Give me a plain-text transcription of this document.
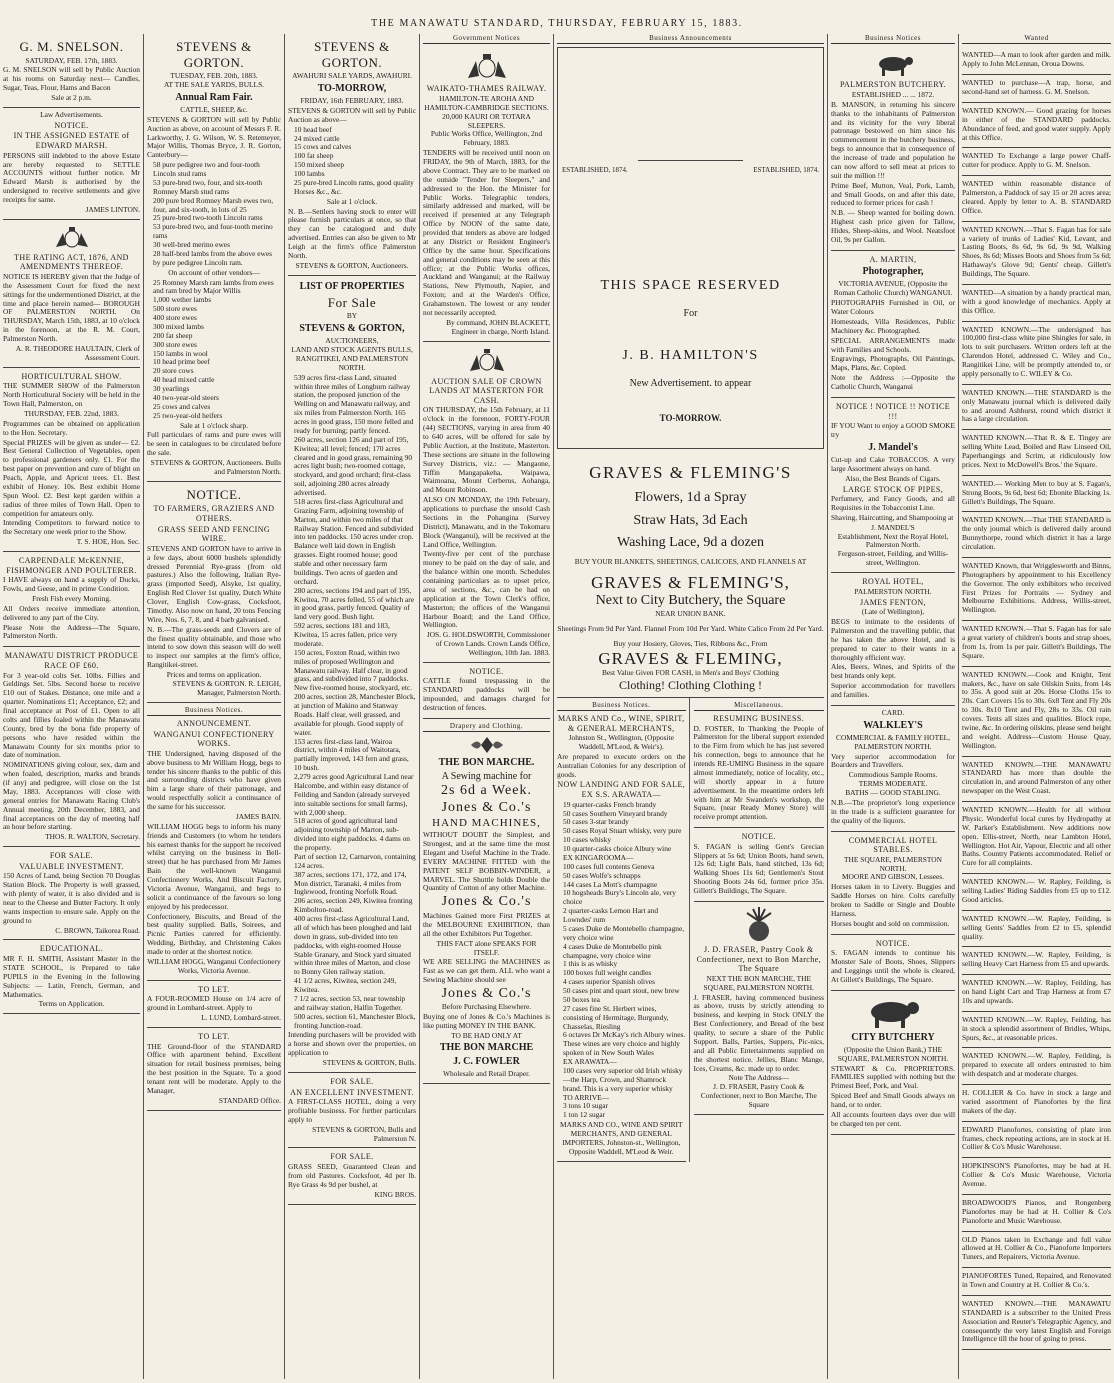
THE MANAWATU STANDARD, THURSDAY, FEBRUARY 15, 1883.
G. M. SNELSON.
SATURDAY, FEB. 17th, 1883.

G. M. SNELSON will sell by Public Auction at his rooms on Saturday next— Candles, Sugar, Teas, Flour, Hams and Bacon

Sale at 2 p.m.
Law Advertisements.
NOTICE.
IN THE ASSIGNED ESTATE of EDWARD MARSH.

PERSONS still indebted to the above Estate are hereby requested to SETTLE ACCOUNTS without further notice. Mr Edward Marsh is authorised by the undersigned to receive settlements and give receipts for same.

JAMES LINTON.
THE RATING ACT, 1876, AND AMENDMENTS THEREOF.

NOTICE IS HEREBY given that the Judge of the Assessment Court for fixed the next sittings for the undermentioned District, at the time and place herein named— BOROUGH OF PALMERSTON NORTH. On THURSDAY, March 15th, 1883, at 10 o'clock in the forenoon, at the R. M. Court, Palmerston North.

A. R. THEODORE HAULTAIN, Clerk of Assessment Court.
HORTICULTURAL SHOW.

THE SUMMER SHOW of the Palmerston North Horticultural Society will be held in the Town Hall, Palmerston, on

THURSDAY, FEB. 22nd, 1883.

Programmes can be obtained on application to the Hon. Secretary.

Special PRIZES will be given as under— £2. Best General Collection of Vegetables, open to professional gardeners only. £1. For the best paper on prevention and cure of blight on Peach, Apple, and Apricot trees. £1. Best exhibit of Honey. 10s. Best exhibit Home Spun Wool. £2. Best kept garden within a radius of three miles of Town Hall. Open to competition for amateurs only.

Intending Competitors to forward notice to the Secretary one week prior to the Show.

T. S. HOE, Hon. Sec.
CARPENDALE McKENNIE, FISHMONGER AND POULTERER.

I HAVE always on hand a supply of Ducks, Fowls, and Geese, and in prime Condition.

Fresh Fish every Morning.

All Orders receive immediate attention, delivered to any part of the City.

Please Note the Address—The Square, Palmerston North.

MANAWATU DISTRICT PRODUCE RACE OF £60.

For 3 year-old colts Set. 10lbs. Fillies and Geldings Set. 5lbs. Second horse to receive £10 out of Stakes. Distance, one mile and a quarter. Nominations £1; Acceptance, £2; and final acceptance at Post of £1. Open to all colts and fillies foaled within the Manawatu County, bred by the bona fide property of persons who have resided within the Manawatu County for six months prior to date of nomination.

NOMINATIONS giving colour, sex, dam and when foaled, description, marks and brands (if any) and pedigree, will close on the 1st May, 1883. Acceptances will close with general entries for Manawatu Racing Club's Annual meeting, 20th December, 1883, and final acceptances on the day of meeting half an hour before starting.

THOS. R. WALTON, Secretary.
FOR SALE.
VALUABLE INVESTMENT.

150 Acres of Land, being Section 70 Douglas Station Block. The Property is well grassed, with plenty of water, it is also divided and is near to the Cheese and Butter Factory. It only wants inspection to ensure sale. Apply on the ground to

C. BROWN, Taikorea Road.
EDUCATIONAL.

MR F. H. SMITH, Assistant Master in the STATE SCHOOL, is Prepared to take PUPILS in the Evening in the following Subjects: — Latin, French, German, and Mathematics.

Terms on Application.
STEVENS & GORTON.
TUESDAY, FEB. 20th, 1883.
AT THE SALE YARDS, BULLS.
Annual Ram Fair.
CATTLE, SHEEP, &c.

STEVENS & GORTON will sell by Public Auction as above, on account of Messrs F. R. Larkworthy, J. G. Wilson, W. S. Retemeyer, Major Willis, Thomas Bryce, J. R. Gorton, Canterbury—

58 pure pedigree two and four-tooth Lincoln stud rams
53 pure-bred two, four, and six-tooth Romney Marsh stud rams
200 pure bred Romney Marsh ewes two, four, and six-tooth, in lots of 25
25 pure-bred two-tooth Lincoln rams
53 pure-bred two, and four-tooth merino rams
30 well-bred merino ewes
28 half-bred lambs from the above ewes by pure pedigree Lincoln ram.
On account of other vendors—
25 Romney Marsh ram lambs from ewes and ram bred by Major Willis
1,000 wether lambs
500 store ewes
400 store ewes
300 mixed lambs
200 fat sheep
300 store ewes
150 lambs in wool
10 head prime beef
20 store cows
40 head mixed cattle
30 yearlings
40 two-year-old steers
25 cows and calves
25 two-year-old heifers
Sale at 1 o'clock sharp.

Full particulars of rams and pure ewes will be seen in catalogues to be circulated before the sale.

STEVENS & GORTON, Auctioneers. Bulls and Palmerston North.
NOTICE.
TO FARMERS, GRAZIERS AND OTHERS.
GRASS SEED AND FENCING WIRE.

STEVENS AND GORTON have to arrive in a few days, about 6000 bushels splendidly dressed Perennial Rye-grass (from old pastures.) Also the following, Italian Rye-grass (imported Seed), Alsyke, 1st quality, English Red Clover 1st quality, Dutch White Clover, English Cow-grass, Cocksfoot, Timothy. Also now on hand, 20 tons Fencing Wire, Nos. 6, 7, 8, and 4 barb galvanised.

N. B.—The grass-seeds and Clovers are of the finest quality obtainable, and those who intend to sow down this season will do well to inspect our samples at the firm's office, Rangitikei-street.

Prices and terms on application.
STEVENS & GORTON. R. LEIGH, Manager, Palmerston North.
Business Notices.
ANNOUNCEMENT.
WANGANUI CONFECTIONERY WORKS.

THE Undersigned, having disposed of the above business to Mr William Hogg, begs to tender his sincere thanks to the public of this and surrounding districts who have given him a large share of their patronage, and would respectfully solicit a continuance of the same for his successor.

JAMES BAIN.

WILLIAM HOGG begs to inform his many friends and Customers (to whom he tenders his earnest thanks for the support he received whilst carrying on the business in Bell-street) that he has purchased from Mr James Bain the well-known Wanganui Confectionery Works, And Biscuit Factory, Victoria Avenue, Wanganui, and begs to solicit a continuance of the favours so long enjoyed by his predecessor.

Confectionery, Biscuits, and Bread of the best quality supplied. Balls, Soirees, and Picnic Parties catered for efficiently. Wedding, Birthday, and Christening Cakes made to order at the shortest notice.

WILLIAM HOGG, Wanganui Confectionery Works, Victoria Avenue.
TO LET.

A FOUR-ROOMED House on 1/4 acre of ground in Lombard-street. Apply to

L. LUND, Lombard-street.
TO LET.

THE Ground-floor of the STANDARD Office with apartment behind. Excellent situation for retail business premises, being the best position in the Square. To a good tenant rent will be moderate. Apply to the Manager,

STANDARD Office.
STEVENS & GORTON.
AWAHURI SALE YARDS, AWAHURI.
TO-MORROW,
FRIDAY, 16th FEBRUARY, 1883.

STEVENS & GORTON will sell by Public Auction as above—

10 head beef
24 mixed cattle
15 cows and calves
100 fat sheep
150 mixed sheep
100 lambs
25 pure-bred Lincoln rams, good quality
Horses &c., &c.
Sale at 1 o'clock.

N. B.—Settlers having stock to enter will please furnish particulars at once, so that they can be catalogued and duly advertised. Entries can also be given to Mr Leigh at the firm's office Palmerston North.

STEVENS & GORTON, Auctioneers.
LIST OF PROPERTIES
For Sale
BY
STEVENS & GORTON,
AUCTIONEERS,
LAND AND STOCK AGENTS BULLS, RANGITIKEI, AND PALMERSTON NORTH.
539 acres first-class Land, situated within three miles of Longburn railway station, the proposed junction of the Welling on and Manawatu railway, and six miles from Palmerston North. 165 acres in good grass, 150 more felled and ready for burning; partly fenced.
260 acres, section 126 and part of 195, Kiwitea; all level; fenced; 170 acres cleared and in good grass, remaining 90 acres light bush; two-roomed cottage, stockyard, and good orchard; first-class soil, adjoining 280 acres already advertised.
518 acres first-class Agricultural and Grazing Farm, adjoining township of Marton, and within two miles of that Railway Station. Fenced and subdivided into ten paddocks. 150 acres under crop. Balance well laid down in English grasses. Eight roomed house; good stable and other necessary farm buildings. Two acres of garden and orchard.
280 acres, sections 194 and part of 195, Kiwitea, 70 acres felled, 55 of which are in good grass, partly fenced. Quality of land very good. Bush light.
592 acres, sections 181 and 183, Kiwitea, 15 acres fallen, price very moderate.
150 acres, Foxton Road, within two miles of proposed Wellington and Manawatu railway. Half clear, in good grass, and subdivided into 7 paddocks. New five-roomed house, stockyard, etc.
200 acres, section 28, Manchester Block, at junction of Makino and Stanway Roads. Half clear, well grassed, and available for plough. Good supply of water.
153 acres first-class land, Wairoa district, within 4 miles of Waitotara, partially improved, 143 fern and grass, 10 bush.
2,279 acres good Agricultural Land near Halcombe, and within easy distance of Feilding and Sandon (already surveyed into suitable sections for small farms), with 2,000 sheep.
518 acres of good agricultural land adjoining township of Marton, sub-divided into eight paddocks. 4 dams on the property.
Part of section 12, Carnarvon, containing 124 acres.
387 acres, sections 171, 172, and 174, Mon district, Taranaki, 4 miles from Inglewood, fronting Norfolk Road.
206 acres, section 249, Kiwitea fronting Kimbolton-road.
400 acres first-class Agricultural Land, all of which has been ploughed and laid down in grass, sub-divided into ten paddocks, with eight-roomed House Stable Granary, and Stock yard situated within three miles of Marton, and close to Bonny Glen railway station.
41 1/2 acres, Kiwitea, section 249, Kiwitea.
7 1/2 acres, section 53, near township and railway station, Halfin Together.
500 acres, section 61, Manchester Block, fronting Junction-road.

Intending purchasers will be provided with a horse and shown over the properties, on application to

STEVENS & GORTON, Bulls.
FOR SALE.
AN EXCELLENT INVESTMENT.

A FIRST-CLASS HOTEL, doing a very profitable business. For further particulars apply to

STEVENS & GORTON, Bulls and Palmerston N.
FOR SALE.

GRASS SEED, Guaranteed Clean and from old Pastures. Cocksfoot, 4d per lb. Rye Grass 4s 9d per bushel, at

KING BROS.
Government Notices
WAIKATO-THAMES RAILWAY.
HAMILTON-TE AROHA AND HAMILTON-CAMBRIDGE SECTIONS.
20,000 KAURI OR TOTARA SLEEPERS.
Public Works Office, Wellington, 2nd February, 1883.

TENDERS will be received until noon on FRIDAY, the 9th of March, 1883, for the above Contract. They are to be marked on the outside "Tender for Sleepers," and addressed to the Hon. the Minister for Public Works. Telegraphic tenders, similarly addressed and marked, will be received if presented at any Telegraph Office by NOON of the same date, provided that tenders as above are lodged at any District or Resident Engineer's Office by the same hour. Specifications and general conditions may be seen at this office; at the Public Works offices, Auckland and Wanganui; at the Railway Stations, New Plymouth, Napier, and Foxton; and at the Warden's Office, Grahamstown. The lowest or any tender not necessarily accepted.

By command, JOHN BLACKETT, Engineer in charge, North Island.
AUCTION SALE OF CROWN LANDS AT MASTERTON FOR CASH.

ON THURSDAY, the 15th February, at 11 o'clock in the forenoon, FORTY-FOUR (44) SECTIONS, varying in area from 40 to 640 acres, will be offered for sale by Public Auction, at the Institute, Masterton. These sections are situate in the following Survey Districts, viz.: — Mangaone, Tiffin Mangapakeha, Waipawa, Waimoana, Mount Cerberus, Aohanga, and Mount Robinson.

ALSO ON MONDAY, the 19th February, applications to purchase the unsold Cash Sections in the Pohangina (Survey District), Manawatu, and in the Tokomaru Block (Wanganui), will be received at the Land Office, Wellington.

Twenty-five per cent of the purchase money to be paid on the day of sale, and the balance within one month. Schedules containing particulars as to upset price, area of sections, &c., can be had on application at the Town Clerk's office, Masterton; the offices of the Wanganui Harbour Board; and the Land Office, Wellington.

JOS. G. HOLDSWORTH, Commissioner of Crown Lands. Crown Lands Office, Wellington, 10th Jan. 1883.
NOTICE.

CATTLE found trespassing in the STANDARD paddocks will be impounded, and damages charged for destruction of fences.

Drapery and Clothing.
THE BON MARCHE.
A Sewing machine for
2s 6d a Week.
Jones & Co.'s
HAND MACHINES,

WITHOUT DOUBT the Simplest, and Strongest, and at the same time the most Elegant and Useful Machine in the Trade. EVERY MACHINE FITTED with the PATENT SELF BOBBIN-WINDER, a MARVEL. The Shuttle holds Double the Quantity of Cotton of any other Machine.

Jones & Co.'s

Machines Gained more First PRIZES at the MELBOURNE EXHIBITION, than all the other Exhibitors Put Together.

THIS FACT alone SPEAKS FOR ITSELF.

WE ARE SELLING the MACHINES as Fast as we can get them. ALL who want a Sewing Machine should see

Jones & Co.'s
Before Purchasing Elsewhere.

Buying one of Jones & Co.'s Machines is like putting MONEY IN THE BANK.

TO BE HAD ONLY AT
THE BON MARCHE
J. C. FOWLER
Wholesale and Retail Draper.
Business Announcements
ESTABLISHED, 1874.	ESTABLISHED, 1874.
THIS SPACE RESERVED
For
J. B. HAMILTON'S
New Advertisement. to appear
TO-MORROW.
GRAVES & FLEMING'S
Flowers, 1d a Spray
Straw Hats, 3d Each
Washing Lace, 9d a dozen
BUY YOUR BLANKETS, SHEETINGS, CALICOES, AND FLANNELS AT
GRAVES & FLEMING'S,
Next to City Butchery, the Square
NEAR UNION BANK.
Sheetings From 9d Per Yard. Flannel From 10d Per Yard. White Calico From 2d Per Yard.
Buy your Hosiery, Gloves, Ties, Ribbons &c., From
GRAVES & FLEMING,
Best Value Given FOR CASH, in Men's and Boys' Clothing
Clothing! Clothing Clothing !
Business Notices.
MARKS AND Co., WINE, SPIRIT, & GENERAL MERCHANTS,
Johnston St., Wellington, (Opposite Waddell, M'Leod, & Weir's).

Are prepared to execute orders on the Australian Colonies for any description of goods.

NOW LANDING AND FOR SALE, EX S.S. ARAWATA—
19 quarter-casks French brandy
50 cases Southern Vineyard brandy
50 cases 3-star brandy
50 cases Royal Stuart whisky, very pure
10 cases whisky
10 quarter-casks choice Albury wine
EX KINGAROOMA—
100 cases full contents Geneva
50 cases Wolfe's schnapps
144 cases La Mott's champagne
10 hogsheads Bury's Lincoln ale, very choice
2 quarter-casks Lemon Hart and Lowndes' rum
5 cases Duke de Montebello champagne, very choice wine
4 cases Duke de Montebello pink champagne, very choice wine
1 this is as whisky
100 boxes full weight candles
4 cases superior Spanish olives
50 cases pint and quart stout, new brew
50 boxes tea
27 cases fine St. Herbert wines, consisting of Hermitage, Burgundy, Chasselas, Riesling
6 octaves Dr McKay's rich Albury wines. These wines are very choice and highly spoken of in New South Wales
EX ARAWATA—
100 cases very superior old Irish whisky—the Harp, Crown, and Shamrock brand. This is a very superior whisky
TO ARRIVE—
3 tons 10 sugar
1 ton 12 sugar
MARKS AND CO., WINE AND SPIRIT MERCHANTS, AND GENERAL IMPORTERS, Johnston-st., Wellington, Opposite Waddell, M'Leod & Weir.
Miscellaneous.
RESUMING BUSINESS.

D. FOSTER, In Thanking the People of Palmerston for the liberal support extended to the Firm from which he has just severed his connection, begs to announce that he intends RE-UMING Business in the square almost immediately, notice of locality, etc., will shortly appear in a future advertisement. In the meantime orders left with him at Mr Swanden's workshop, the Square, (near Ready Money Store) will receive prompt attention.

NOTICE.

S. FAGAN is selling Gent's Grecian Slippers at 5s 6d; Union Boots, hand sewn, 12s 6d; Light Bals, hand stitched, 13s 6d; Walking Shoes 11s 6d; Gentlemen's Stout Shooting Boots 24s 6d, former price 35s. Gillett's Buildings, The Square.

J. D. FRASER, Pastry Cook & Confectioner, next to Bon Marche, The Square
NEXT THE BON MARCHE, THE SQUARE, PALMERSTON NORTH.

J. FRASER, having commenced business as above, trusts by strictly attending to business, and keeping in Stock ONLY the Best Confectionery, and Bread of the best quality, to secure a share of the Public Support. Balls, Parties, Suppers, Pic-nics, and all Public Entertainments supplied on the shortest notice. Jellies, Blanc Mange, Ices, Creams, &c. made up to order.

Note The Address—
J. D. FRASER, Pastry Cook & Confectioner, next to Bon Marche, The Square
Business Notices
PALMERSTON BUTCHERY.
ESTABLISHED ... ... 1872.

B. MANSON, in returning his sincere thanks to the inhabitants of Palmerston and its vicinity for the very liberal patronage bestowed on him since his commencement in the butchery business, begs to announce that in consequence of the increase of trade and population he can now afford to sell meat at prices to suit the million !!!

Prime Beef, Mutton, Veal, Pork, Lamb, and Small Goods, on and after this date, reduced to former prices for cash !

N.B. — Sheep wanted for boiling down. Highest cash price given for Tallow, Hides, Sheep-skins, and Wool. Neatsfoot Oil, 9s per Gallon.

A. MARTIN,
Photographer,
VICTORIA AVENUE, (Opposite the Roman Catholic Church) WANGANUI.

PHOTOGRAPHS Furnished in Oil, or Water Colours

Homesteads, Villa Residences, Public Machinery &c. Photographed.

SPECIAL ARRANGEMENTS made with Families and Schools.

Engravings, Photographs, Oil Paintings, Maps, Plans, &c. Copied.

Note the Address :—Opposite the Catholic Church, Wanganui

NOTICE ! NOTICE !! NOTICE !!!

IF YOU Want to enjoy a GOOD SMOKE try

J. Mandel's

Cut-up and Cake TOBACCOS. A very large Assortment always on hand.

Also, the Best Brands of Cigars.
LARGE STOCK OF PIPES,

Perfumery, and Fancy Goods, and all Requisites in the Tobacconist Line.

Shaving, Haircutting, and Shampooing at

J. MANDEL'S
Establishment, Next the Royal Hotel, Palmerston North.
Ferguson-street, Feilding, and Willis-street, Wellington.
ROYAL HOTEL,
PALMERSTON NORTH.
JAMES FENTON,
(Late of Wellington),

BEGS to intimate to the residents of Palmerston and the travelling public, that he has taken the above Hotel, and is prepared to cater to their wants in a thoroughly efficient way.

Ales, Beers, Wines, and Spirits of the best brands only kept.

Superior accommodation for travellers and families.

CARD.
WALKLEY'S
COMMERCIAL & FAMILY HOTEL, PALMERSTON NORTH.

Very superior accommodation for Boarders and Travellers.

Commodious Sample Rooms.
TERMS MODERATE.
BATHS — GOOD STABLING.

N.B.—The proprietor's long experience in the trade is a sufficient guarantee for the quality of the liquors.

COMMERCIAL HOTEL STABLES.
THE SQUARE, PALMERSTON NORTH.
MOORE AND GIBSON, Lessees.

Horses taken in to Livery. Buggies and Saddle Horses on hire. Colts carefully broken to Saddle or Single and Double Harness.

Horses bought and sold on commission.

NOTICE.

S. FAGAN intends to continue his Monster Sale of Boots, Shoes, Slippers and Leggings until the whole is cleared, At Gillett's Buildings, The Square.

CITY BUTCHERY
(Opposite the Union Bank,) THE SQUARE, PALMERSTON NORTH.

STEWART & Co. PROPRIETORS. FAMILIES supplied with nothing but the Primest Beef, Pork, and Veal.

Spiced Beef and Small Goods always on hand, or to order.

All accounts fourteen days over due will be charged ten per cent.

Wanted

WANTED—A man to look after garden and milk. Apply to John McLennan, Oroua Downs.

WANTED to purchase—A trap, horse, and second-hand set of harness. G. M. Snelson.

WANTED KNOWN.— Good grazing for horses in either of the STANDARD paddocks. Abundance of feed, and good water supply. Apply at this Office.

WANTED To Exchange a large power Chaff-cutter for produce. Apply to G. M. Snelson.

WANTED within reasonable distance of Palmerston, a Paddock of say 15 or 20 acres area; cleared. Apply by letter to A. B. STANDARD Office.

WANTED KNOWN.—That S. Fagan has for sale a variety of trunks of Ladies' Kid, Levant, and Lasting Boots, 8s 6d, 9s 6d, 9s 9d, Walking Shoes, 8s 6d; Misses Boots and Shoes from 5s 6d; Hathaway's Glove 9d; Gents' cheap. Gillett's Buildings, The Square.

WANTED—A situation by a handy practical man, with a good knowledge of mechanics. Apply at this Office.

WANTED KNOWN.—The undersigned has 100,000 first-class white pine Shingles for sale, in lots to suit purchasers. Written orders left at the Clarendon Hotel, addressed C. Wiley and Co., Rangitikei Line, will be promptly attended to, or apply personally to C. WILEY & Co.

WANTED KNOWN.—THE STANDARD is the only Manawatu journal which is delivered daily to and around Ashhurst, round which district it has a large circulation.

WANTED KNOWN.—That R. & E. Tingey are selling White Lead, Boiled and Raw Linseed Oil, Paperhangings and Scrim, at ridiculously low prices. Next to McDowell's Bros.' the Square.

WANTED.— Working Men to buy at S. Fagan's, Strong Boots, 9s 6d, best 6d; Ebonite Blacking 1s. Gillett's Buildings, The Square.

WANTED KNOWN.—That THE STANDARD is the only journal which is delivered daily around Bunnythorpe, round which district it has a large circulation.

WANTED Known, that Wrigglesworth and Binns, Photographers by appointment to his Excellency the Governor. The only exhibitors who received First Prizes for Portraits — Sydney and Melbourne Exhibitions. Address, Willis-street, Wellington.

WANTED KNOWN.—That S. Fagan has for sale a great variety of children's boots and strap shoes, from 1s, from 1s per pair. Gillett's Buildings, The Square.

WANTED KNOWN.—Cook and Knight, Tent makers, &c., have on sale Oilskin Suits, from 14s to 35s. A good suit at 20s. Horse Cloths 15s to 20s. Cart Covers 15s to 30s. 6x8 Tent and Fly 20s to 30s. 8x10 Tent and Fly, 28s to 33s. Oil rain covers. Tents all sizes and qualities. Block rope, twine, &c. In ordering oilskins, please send height and weight. Address—Custom House Quay, Wellington.

WANTED KNOWN.—THE MANAWATU STANDARD has more than double the circulation in, and around Palmerston of any other newspaper on the West Coast.

WANTED KNOWN.—Health for all without Physic. Wonderful local cures by Hydropathy at W. Parker's Establishment. New additions now open. Ellis-street, North, near Lambton Hotel, Wellington. Hot Air, Vapour, Electric and all other Baths. Country Patients accommodated. Relief or Cure for all complaints.

WANTED KNOWN.— W. Rapley, Feilding, is selling Ladies' Riding Saddles from £5 up to £12. Good articles.

WANTED KNOWN.—W. Rapley, Feilding, is selling Gents' Saddles from £2 to £5, splendid quality.

WANTED KNOWN.—W. Rapley, Feilding, is selling Heavy Cart Harness from £5 and upwards.

WANTED KNOWN.—W. Rapley, Feilding, has on hand Light Cart and Trap Harness at from £7 10s and upwards.

WANTED KNOWN.—W. Rapley, Feilding, has in stock a splendid assortment of Bridles, Whips, Spurs, &c., at reasonable prices.

WANTED KNOWN.—W. Rapley, Feilding, is prepared to execute all orders entrusted to him with despatch and at moderate charges.

H. COLLIER & Co. have in stock a large and varied assortment of Pianofortes by the first makers of the day.

EDWARD Pianofortes, consisting of plate iron frames, check repeating actions, are in stock at H. Collier & Co's Music Warehouse.

HOPKINSON'S Pianofortes, may be had at H. Collier & Co's Music Warehouse, Victoria Avenue.

BROADWOOD'S Pianos, and Rongenberg Pianofortes may be had at H. Collier & Co's Pianoforte and Music Warehouse.

OLD Pianos taken in Exchange and full value allowed at H. Collier & Co., Pianoforte Importers Tuners, and Repairers, Victoria Avenue.

PIANOFORTES Tuned, Repaired, and Renovated in Town and Country at H. Collier & Co.'s.

WANTED KNOWN.—THE MANAWATU STANDARD is a subscriber to the United Press Association and Reuter's Telegraphic Agency, and consequently the very latest English and Foreign Intelligence till the hour of going to press.
